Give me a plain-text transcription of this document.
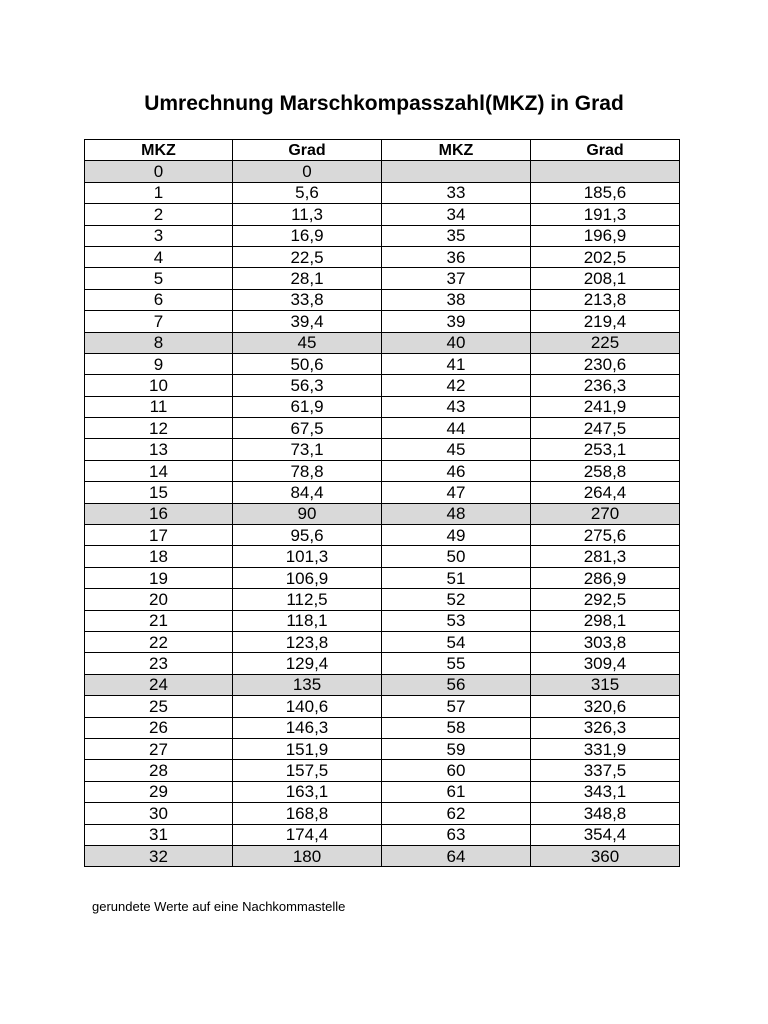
Umrechnung Marschkompasszahl(MKZ) in Grad
MKZ	Grad	MKZ	Grad
0	0		
1	5,6	33	185,6
2	11,3	34	191,3
3	16,9	35	196,9
4	22,5	36	202,5
5	28,1	37	208,1
6	33,8	38	213,8
7	39,4	39	219,4
8	45	40	225
9	50,6	41	230,6
10	56,3	42	236,3
11	61,9	43	241,9
12	67,5	44	247,5
13	73,1	45	253,1
14	78,8	46	258,8
15	84,4	47	264,4
16	90	48	270
17	95,6	49	275,6
18	101,3	50	281,3
19	106,9	51	286,9
20	112,5	52	292,5
21	118,1	53	298,1
22	123,8	54	303,8
23	129,4	55	309,4
24	135	56	315
25	140,6	57	320,6
26	146,3	58	326,3
27	151,9	59	331,9
28	157,5	60	337,5
29	163,1	61	343,1
30	168,8	62	348,8
31	174,4	63	354,4
32	180	64	360
gerundete Werte auf eine Nachkommastelle
